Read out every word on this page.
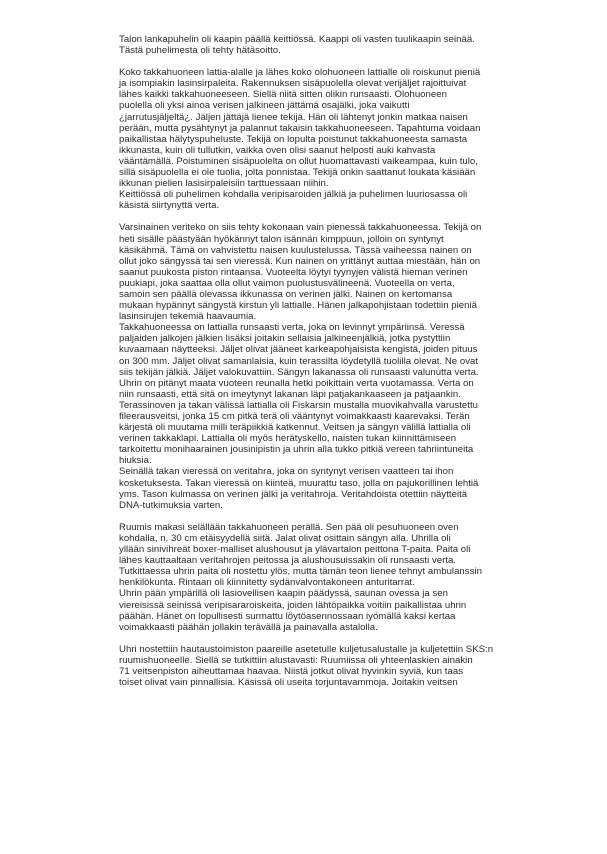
Talon lankapuhelin oli kaapin päällä keittiössä. Kaappi oli vasten tuulikaapin seinää.
Tästä puhelimesta oli tehty hätäsoitto.
Koko takkahuoneen lattia-alalle ja lähes koko olohuoneen lattialle oli roiskunut pieniä
ja isompiakin lasinsirpaleita. Rakennuksen sisäpuolella olevat verijäljet rajoittuivat
lähes kaikki takkahuoneeseen. Siellä niitä sitten olikin runsaasti. Olohuoneen
puolella oli yksi ainoa verisen jalkineen jättämä osajälki, joka vaikutti
¿jarrutusjäljeltä¿. Jäljen jättäjä lienee tekijä. Hän oli lähtenyt jonkin matkaa naisen
perään, mutta pysähtynyt ja palannut takaisin takkahuoneeseen. Tapahtuma voidaan
paikallistaa hälytyspuheluste. Tekijä on lopulta poistunut takkahuoneesta samasta
ikkunasta, kuin oli tullutkin, vaikka oven olisi saanut helposti auki kahvasta
vääntämällä. Poistuminen sisäpuolelta on ollut huomattavasti vaikeampaa, kuin tulo,
sillä sisäpuolella ei ole tuolia, jolta ponnistaa. Tekijä onkin saattanut loukata käsiään
ikkunan pielien lasisirpaleisiin tarttuessaan niihin.
Keittiössä oli puhelimen kohdalla veripisaroiden jälkiä ja puhelimen luuriosassa oli
käsistä siirtynyttä verta.
Varsinainen veriteko on siis tehty kokonaan vain pienessä takkahuoneessa. Tekijä on
heti sisälle päästyään hyökännyt talon isännän kimppuun, jolloin on syntynyt
käsikähmä. Tämä on vahvistettu naisen kuulustelussa. Tässä vaiheessa nainen on
ollut joko sängyssä tai sen vieressä. Kun nainen on yrittänyt auttaa miestään, hän on
saanut puukosta piston rintaansa. Vuoteelta löytyi tyynyjen välistä hieman verinen
puukiapi, joka saattaa olla ollut vaimon puolustusvälineenä. Vuoteella on verta,
samoin sen päällä olevassa ikkunassa on verinen jälki. Nainen on kertomansa
mukaan hypännyt sängystä kirstun yli lattialle. Hänen jalkapohjistaan todettiin pieniä
lasinsirujen tekemiä haavaumia.
Takkahuoneessa on lattialla runsaasti verta, joka on levinnyt ympäriinsä. Veressä
paljaiden jalkojen jälkien lisäksi joitakin sellaisia jalkineenjälkiä, jotka pystyttiin
kuvaamaan näytteeksi. Jäljet olivat jääneet karkeapohjaisista kengistä, joiden pituus
on 300 mm. Jäljet olivat samanlaisia, kuin terassilta löydetyllä tuolilla olevat. Ne ovat
siis tekijän jälkiä. Jäljet valokuvattiin. Sängyn lakanassa oli runsaasti valunutta verta.
Uhrin on pitänyt maata vuoteen reunalla hetki poikittain verta vuotamassa. Verta on
niin runsaasti, että sitä on imeytynyt lakanan läpi patjakankaaseen ja patjaankin.
Terassinoven ja takan välissä lattialla oli Fiskarsin mustalla muovikahvalla varustettu
fileerausveitsi, jonka 15 cm pitkä terä oli vääntynyt voimakkaasti kaarevaksi. Terän
kärjestä oli muutama milli teräpiikkiä katkennut. Veitsen ja sängyn välillä lattialla oli
verinen takkaklapi. Lattialla oli myös herätyskello, naisten tukan kiinnittämiseen
tarkoitettu monihaarainen jousinipistin ja uhrin alla tukko pitkiä vereen tahriintuneita
hiuksia.
Seinällä takan vieressä on veritahra, joka on syntynyt verisen vaatteen tai ihon
kosketuksesta. Takan vieressä on kiinteä, muurattu taso, jolla on pajukorillinen lehtiä
yms. Tason kulmassa on verinen jälki ja veritahroja. Veritahdoista otettiin näytteitä
DNA-tutkimuksia varten.
Ruumis makasi selällään takkahuoneen perällä. Sen pää oli pesuhuoneen oven
kohdalla, n. 30 cm etäisyydellä siitä. Jalat olivat osittain sängyn alla. Uhrilla oli
yllään sinivihreät boxer-malliset alushousut ja ylävartalon peittona T-paita. Paita oli
lähes kauttaaltaan veritahrojen peitossa ja alushousuissakin oli runsaasti verta.
Tutkittaessa uhrin paita oli nostettu ylös, mutta tämän teon lienee tehnyt ambulanssin
henkilökunta. Rintaan oli kiinnitetty sydänvalvontakoneen anturitarrat.
Uhrin pään ympärillä oli lasiovellisen kaapin päädyssä, saunan ovessa ja sen
viereisissä seinissä veripisararoiskeita, joiden lähtöpaikka voitiin paikallistaa uhrin
päähän. Hänet on lopullisesti surmattu löytöasennossaan iyömällä kaksi kertaa
voimakkaasti päähän jollakin terävällä ja painavalla astalolla.
Uhri nostettiin hautaustoimiston paareille asetetulle kuljetusalustalle ja kuljetettiin SKS:n
ruumishuoneelle. Siellä se tutkittiin alustavasti: Ruumiissa oli yhteenlaskien ainakin
71 veitsenpiston aiheuttamaa haavaa. Niistä jotkut olivat hyvinkin syviä, kun taas
toiset olivat vain pinnallisia. Käsissä oli useita torjuntavammoja. Joitakin veitsen
